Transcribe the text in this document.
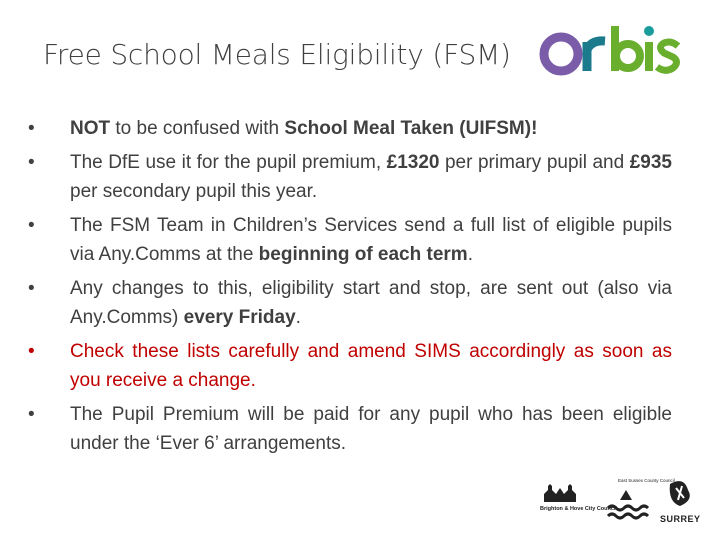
Free School Meals Eligibility (FSM)
• NOT to be confused with School Meal Taken (UIFSM)!
• The DfE use it for the pupil premium, £1320 per primary pupil and £935 per secondary pupil this year.
• The FSM Team in Children’s Services send a full list of eligible pupils via Any.Comms at the beginning of each term.
• Any changes to this, eligibility start and stop, are sent out (also via Any.Comms) every Friday.
• Check these lists carefully and amend SIMS accordingly as soon as you receive a change.
• The Pupil Premium will be paid for any pupil who has been eligible under the ‘Ever 6’ arrangements.
Brighton & Hove City Council
East Sussex County Council
SURREY
